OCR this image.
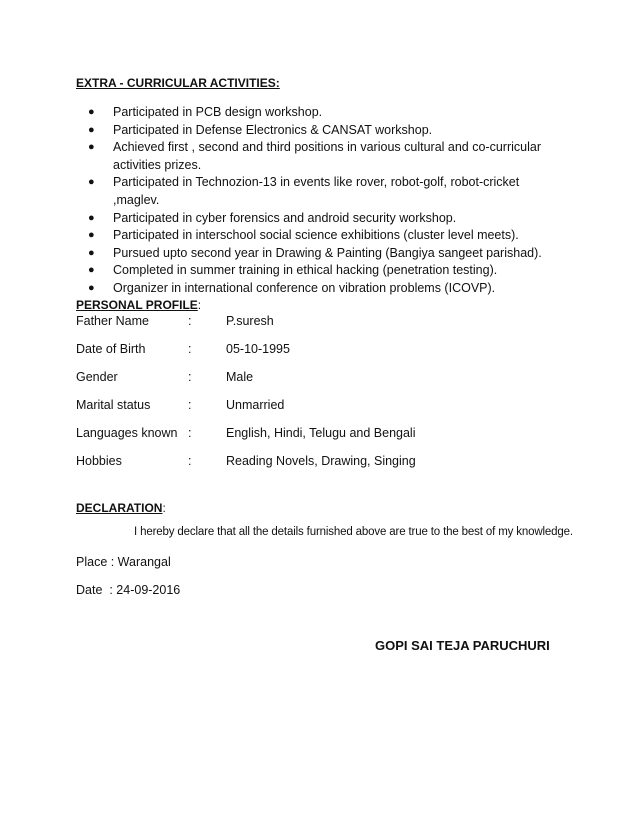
EXTRA - CURRICULAR ACTIVITIES:
● Participated in PCB design workshop.
● Participated in Defense Electronics & CANSAT workshop.
● Achieved first , second and third positions in various cultural and co-curricular activities prizes.
● Participated in Technozion-13 in events like rover, robot-golf, robot-cricket ,maglev.
● Participated in cyber forensics and android security workshop.
● Participated in interschool social science exhibitions (cluster level meets).
● Pursued upto second year in Drawing & Painting (Bangiya sangeet parishad).
● Completed in summer training in ethical hacking (penetration testing).
● Organizer in international conference on vibration problems (ICOVP).
PERSONAL PROFILE:
Father Name	:	P.suresh
Date of Birth	:	05-10-1995
Gender	:	Male
Marital status	:	Unmarried
Languages known :	English, Hindi, Telugu and Bengali
Hobbies	:	Reading Novels, Drawing, Singing
DECLARATION:
I hereby declare that all the details furnished above are true to the best of my knowledge.
Place : Warangal
Date  : 24-09-2016
GOPI SAI TEJA PARUCHURI
